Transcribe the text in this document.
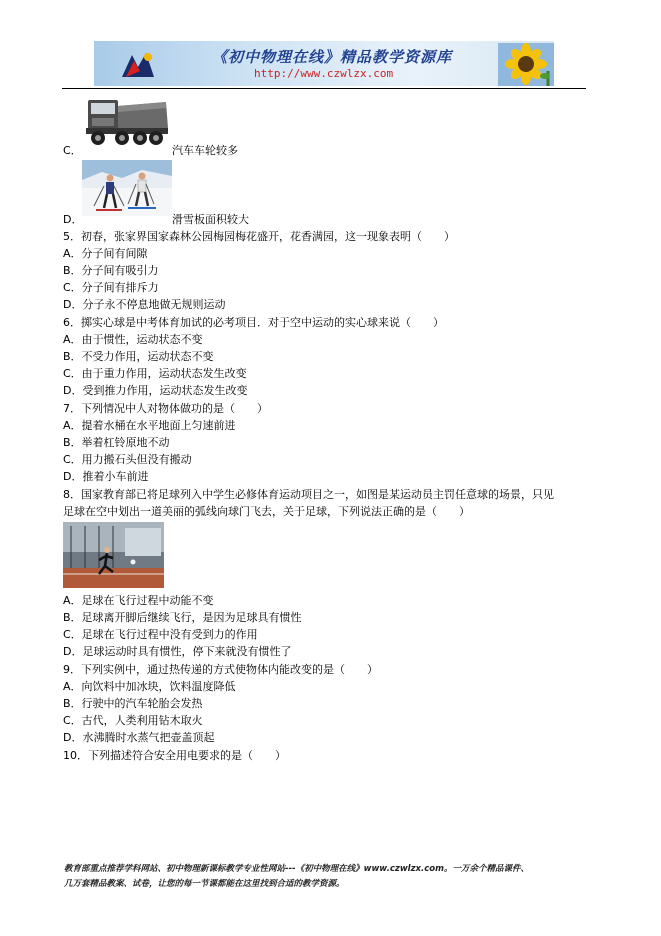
《初中物理在线》精品教学资源库
http://www.czwlzx.com
C．	汽车车轮较多
D．	滑雪板面积较大
5．初春，张家界国家森林公园梅园梅花盛开，花香满园，这一现象表明（　　）
A．分子间有间隙
B．分子间有吸引力
C．分子间有排斥力
D．分子永不停息地做无规则运动
6．掷实心球是中考体育加试的必考项目．对于空中运动的实心球来说（　　）
A．由于惯性，运动状态不变
B．不受力作用，运动状态不变
C．由于重力作用，运动状态发生改变
D．受到推力作用，运动状态发生改变
7．下列情况中人对物体做功的是（　　）
A．提着水桶在水平地面上匀速前进
B．举着杠铃原地不动
C．用力搬石头但没有搬动
D．推着小车前进
8．国家教育部已将足球列入中学生必修体育运动项目之一，如图是某运动员主罚任意球的场景，只见
足球在空中划出一道美丽的弧线向球门飞去，关于足球，下列说法正确的是（　　）
A．足球在飞行过程中动能不变
B．足球离开脚后继续飞行，是因为足球具有惯性
C．足球在飞行过程中没有受到力的作用
D．足球运动时具有惯性，停下来就没有惯性了
9．下列实例中，通过热传递的方式使物体内能改变的是（　　）
A．向饮料中加冰块，饮料温度降低
B．行驶中的汽车轮胎会发热
C．古代，人类利用钻木取火
D．水沸腾时水蒸气把壶盖顶起
10．下列描述符合安全用电要求的是（　　）
教育部重点推荐学科网站、初中物理新课标教学专业性网站---《初中物理在线》www.czwlzx.com。一万余个精品课件、
几万套精品教案、试卷，让您的每一节课都能在这里找到合适的教学资源。
